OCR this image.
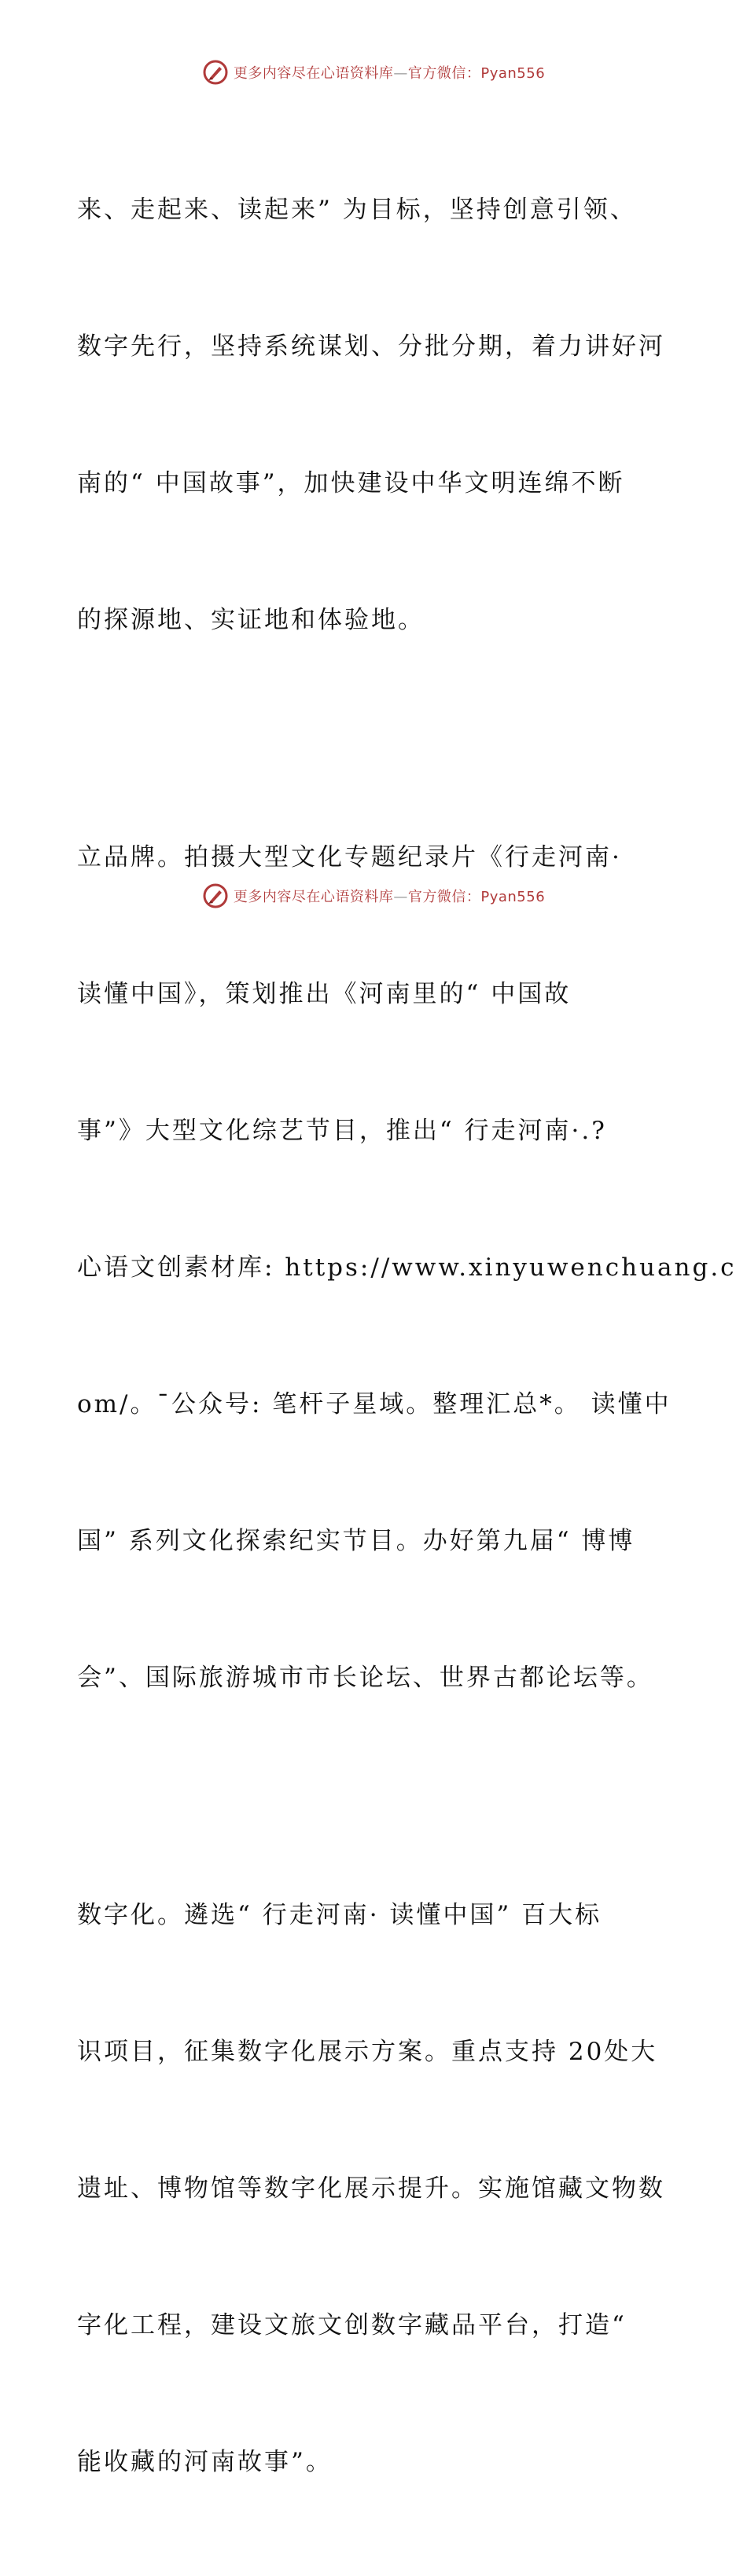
更多内容尽在心语资料库—官方微信：Pyan556

来、走起来、读起来” 为目标，坚持创意引领、

数字先行，坚持系统谋划、分批分期，着力讲好河

南的“ 中国故事”，加快建设中华文明连绵不断

的探源地、实证地和体验地。

立品牌。拍摄大型文化专题纪录片《行走河南·

读懂中国》，策划推出《河南里的“ 中国故

事”》大型文化综艺节目，推出“ 行走河南·.?

心语文创素材库: https://www.xinyuwenchuang.c

om/。¯公众号: 笔杆子星域。整理汇总*。 读懂中

国” 系列文化探索纪实节目。办好第九届“ 博博

会”、国际旅游城市市长论坛、世界古都论坛等。

数字化。遴选“ 行走河南· 读懂中国” 百大标

识项目，征集数字化展示方案。重点支持 20处大

遗址、博物馆等数字化展示提升。实施馆藏文物数

字化工程，建设文旅文创数字藏品平台，打造“

能收藏的河南故事”。

更多内容尽在心语资料库—官方微信：Pyan556
